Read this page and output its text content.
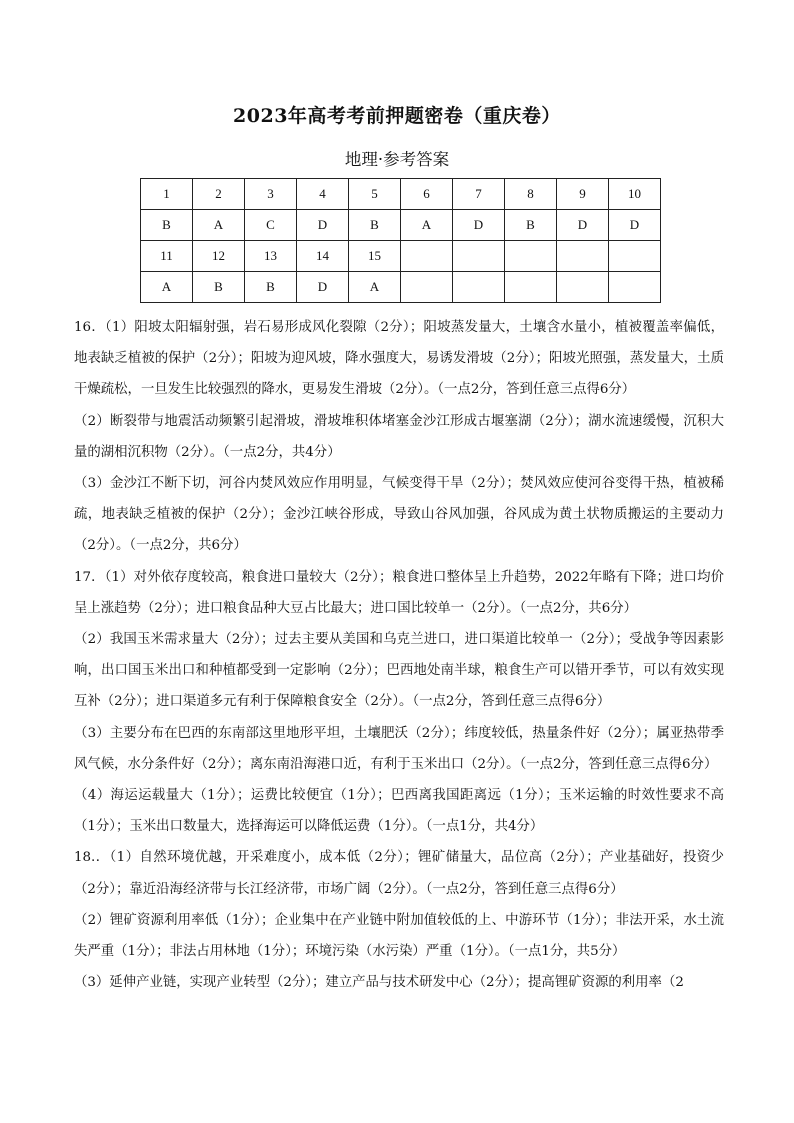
2023年高考考前押题密卷（重庆卷）
地理·参考答案
1	2	3	4	5	6	7	8	9	10
B	A	C	D	B	A	D	B	D	D
11	12	13	14	15					
A	B	B	D	A					

16．（1）阳坡太阳辐射强，岩石易形成风化裂隙（2分）；阳坡蒸发量大，土壤含水量小，植被覆盖率偏低，地表缺乏植被的保护（2分）；阳坡为迎风坡，降水强度大，易诱发滑坡（2分）；阳坡光照强，蒸发量大，土质干燥疏松，一旦发生比较强烈的降水，更易发生滑坡（2分）。（一点2分，答到任意三点得6分）

（2）断裂带与地震活动频繁引起滑坡，滑坡堆积体堵塞金沙江形成古堰塞湖（2分）；湖水流速缓慢，沉积大量的湖相沉积物（2分）。（一点2分，共4分）

（3）金沙江不断下切，河谷内焚风效应作用明显，气候变得干旱（2分）；焚风效应使河谷变得干热，植被稀疏，地表缺乏植被的保护（2分）；金沙江峡谷形成，导致山谷风加强，谷风成为黄土状物质搬运的主要动力（2分）。（一点2分，共6分）

17．（1）对外依存度较高，粮食进口量较大（2分）；粮食进口整体呈上升趋势，2022年略有下降；进口均价呈上涨趋势（2分）；进口粮食品种大豆占比最大；进口国比较单一（2分）。（一点2分，共6分）

（2）我国玉米需求量大（2分）；过去主要从美国和乌克兰进口，进口渠道比较单一（2分）；受战争等因素影响，出口国玉米出口和种植都受到一定影响（2分）；巴西地处南半球，粮食生产可以错开季节，可以有效实现互补（2分）；进口渠道多元有利于保障粮食安全（2分）。（一点2分，答到任意三点得6分）

（3）主要分布在巴西的东南部这里地形平坦，土壤肥沃（2分）；纬度较低，热量条件好（2分）；属亚热带季风气候，水分条件好（2分）；离东南沿海港口近，有利于玉米出口（2分）。（一点2分，答到任意三点得6分）

（4）海运运载量大（1分）；运费比较便宜（1分）；巴西离我国距离远（1分）；玉米运输的时效性要求不高（1分）；玉米出口数量大，选择海运可以降低运费（1分）。（一点1分，共4分）

18.．（1）自然环境优越，开采难度小，成本低（2分）；锂矿储量大，品位高（2分）；产业基础好，投资少（2分）；靠近沿海经济带与长江经济带，市场广阔（2分）。（一点2分，答到任意三点得6分）

（2）锂矿资源利用率低（1分）；企业集中在产业链中附加值较低的上、中游环节（1分）；非法开采，水土流失严重（1分）；非法占用林地（1分）；环境污染（水污染）严重（1分）。（一点1分，共5分）

（3）延伸产业链，实现产业转型（2分）；建立产品与技术研发中心（2分）；提高锂矿资源的利用率（2
